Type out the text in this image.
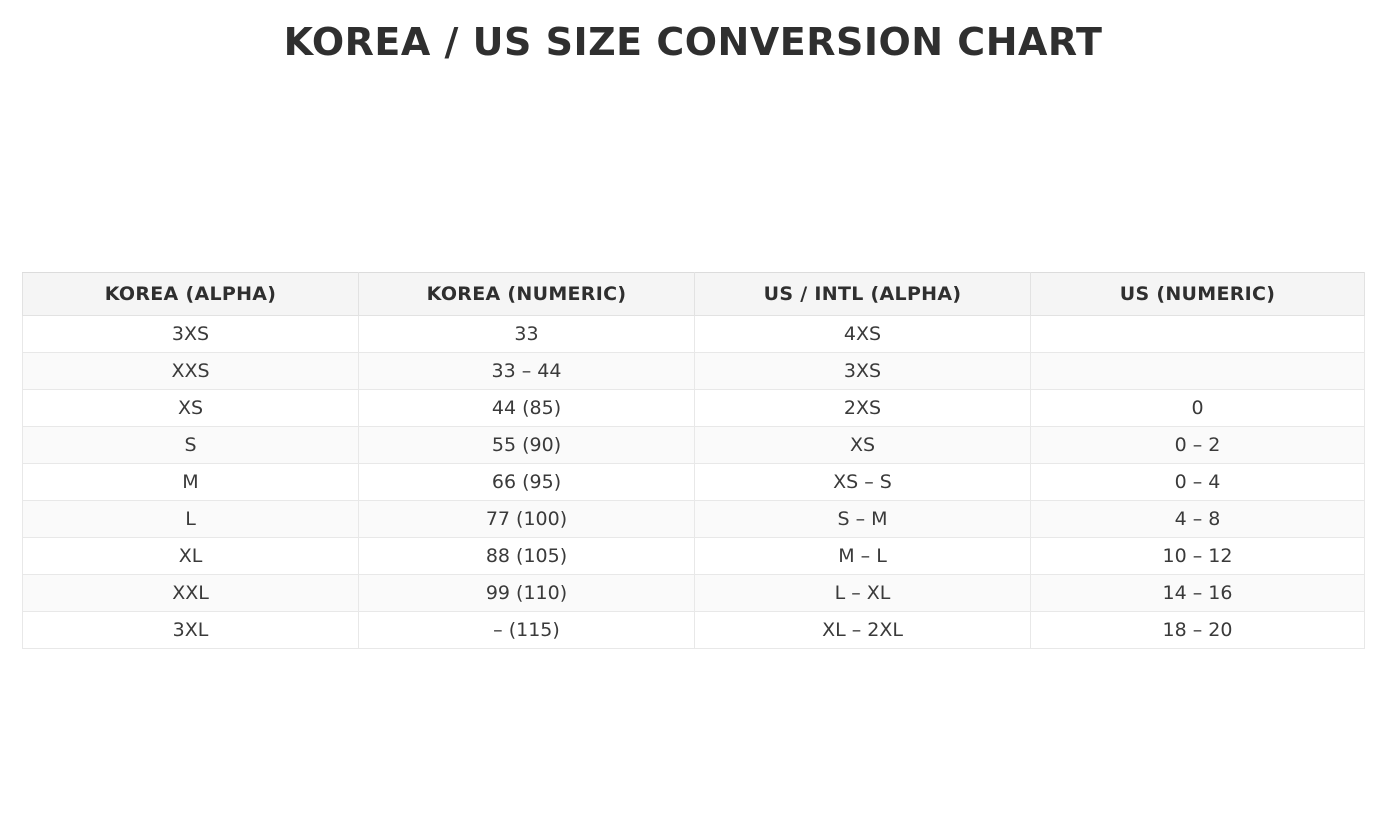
KOREA / US SIZE CONVERSION CHART
KOREA (ALPHA)	KOREA (NUMERIC)	US / INTL (ALPHA)	US (NUMERIC)
3XS	33	4XS	
XXS	33 – 44	3XS	
XS	44 (85)	2XS	0
S	55 (90)	XS	0 – 2
M	66 (95)	XS – S	0 – 4
L	77 (100)	S – M	4 – 8
XL	88 (105)	M – L	10 – 12
XXL	99 (110)	L – XL	14 – 16
3XL	– (115)	XL – 2XL	18 – 20
